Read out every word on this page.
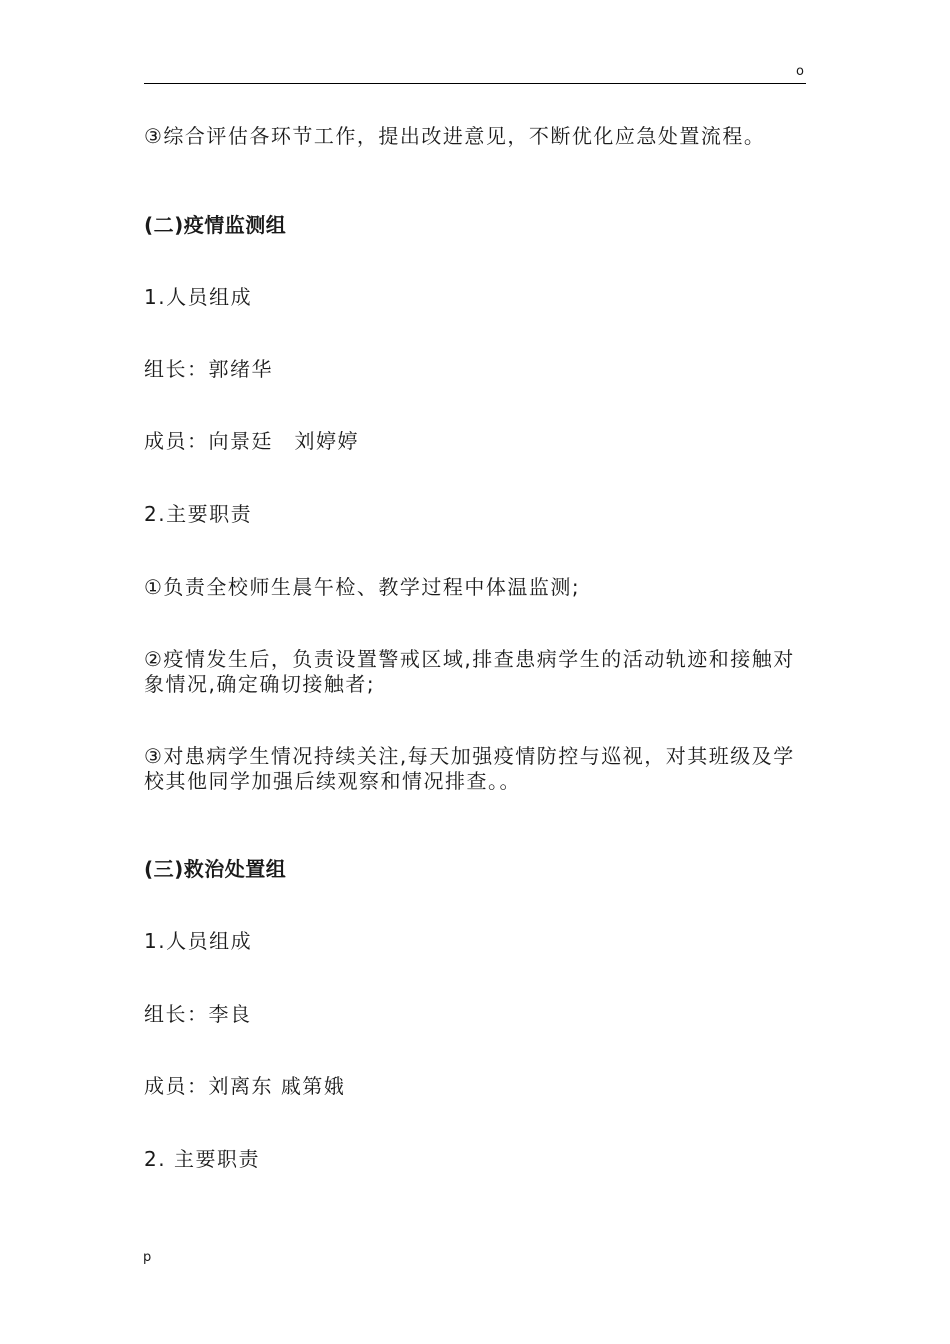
o
③综合评估各环节工作，提出改进意见，不断优化应急处置流程。
(二)疫情监测组
1.人员组成
组长：郭绪华
成员：向景廷　刘婷婷
2.主要职责
①负责全校师生晨午检、教学过程中体温监测;
②疫情发生后，负责设置警戒区域,排查患病学生的活动轨迹和接触对象情况,确定确切接触者;
③对患病学生情况持续关注,每天加强疫情防控与巡视，对其班级及学校其他同学加强后续观察和情况排查。。
(三)救治处置组
1.人员组成
组长：李良
成员：刘离东 戚第娥
2. 主要职责
p
